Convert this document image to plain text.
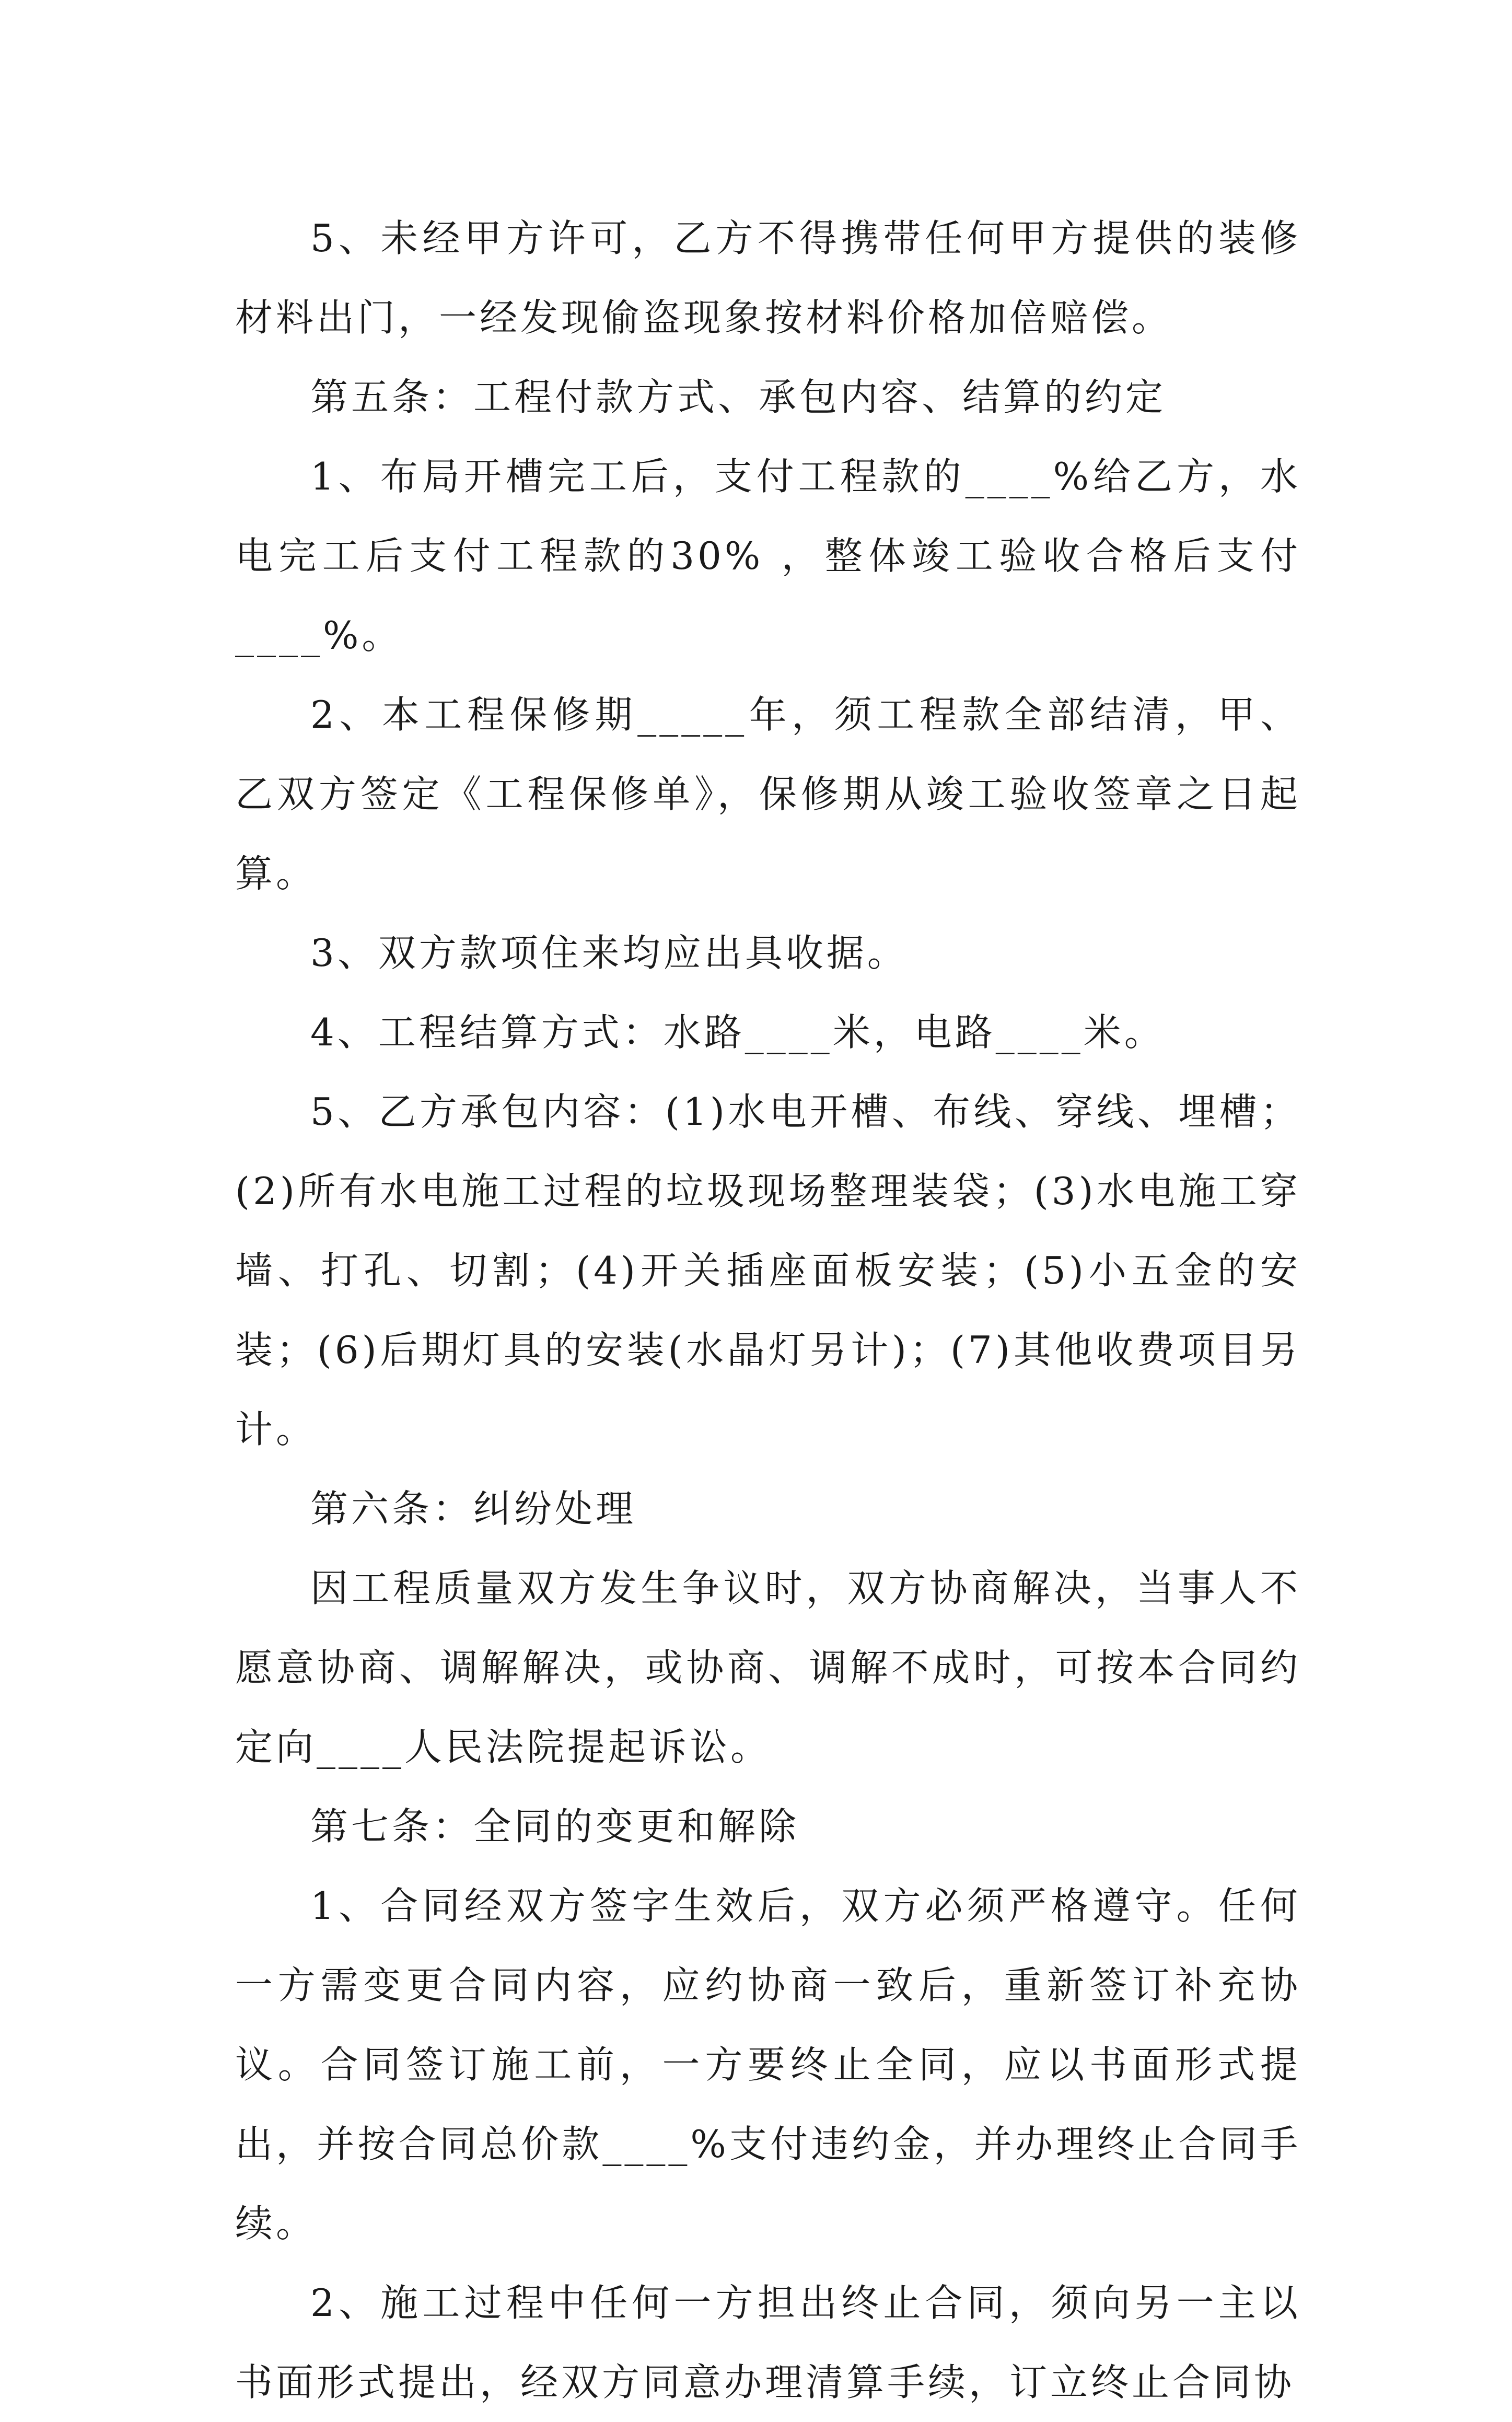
5、未经甲方许可，乙方不得携带任何甲方提供的装修材料出门，一经发现偷盗现象按材料价格加倍赔偿。

第五条：工程付款方式、承包内容、结算的约定

1、布局开槽完工后，支付工程款的____%给乙方，水电完工后支付工程款的30% ，整体竣工验收合格后支付____%。

2、本工程保修期_____年，须工程款全部结清，甲、乙双方签定《工程保修单》，保修期从竣工验收签章之日起算。

3、双方款项住来均应出具收据。

4、工程结算方式：水路____米，电路____米。

5、乙方承包内容：(1)水电开槽、布线、穿线、埋槽；(2)所有水电施工过程的垃圾现场整理装袋；(3)水电施工穿墙、打孔、切割；(4)开关插座面板安装；(5)小五金的安装；(6)后期灯具的安装(水晶灯另计)；(7)其他收费项目另计。

第六条：纠纷处理

因工程质量双方发生争议时，双方协商解决，当事人不愿意协商、调解解决，或协商、调解不成时，可按本合同约定向____人民法院提起诉讼。

第七条：全同的变更和解除

1、合同经双方签字生效后，双方必须严格遵守。任何一方需变更合同内容，应约协商一致后，重新签订补充协议。合同签订施工前，一方要终止全同，应以书面形式提出，并按合同总价款____%支付违约金，并办理终止合同手续。

2、施工过程中任何一方担出终止合同，须向另一主以书面形式提出，经双方同意办理清算手续，订立终止合同协
